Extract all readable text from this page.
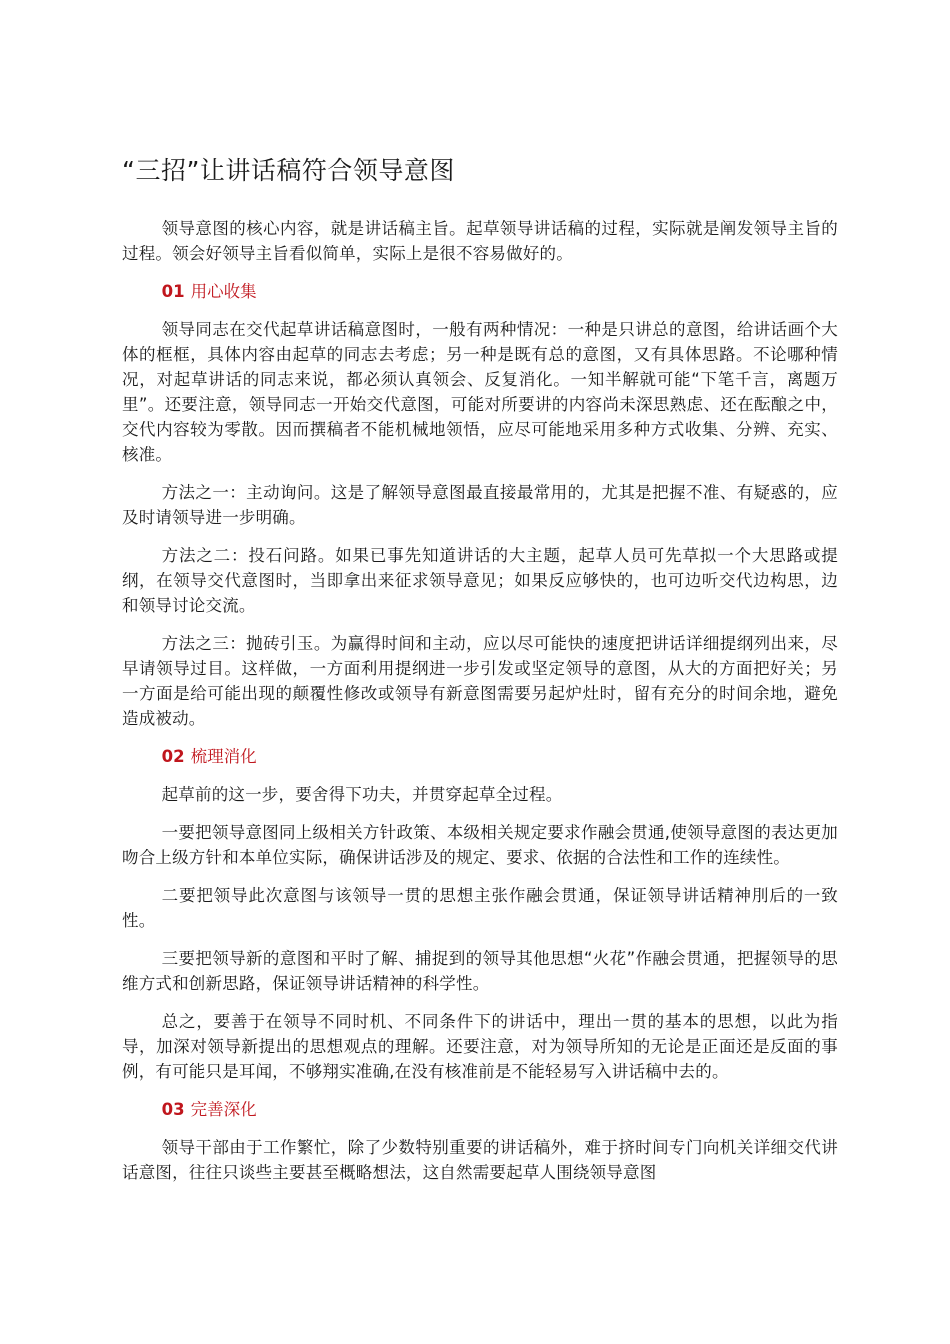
“三招”让讲话稿符合领导意图

领导意图的核心内容，就是讲话稿主旨。起草领导讲话稿的过程，实际就是阐发领导主旨的过程。领会好领导主旨看似简单，实际上是很不容易做好的。

01 用心收集

领导同志在交代起草讲话稿意图时，一般有两种情况：一种是只讲总的意图，给讲话画个大体的框框，具体内容由起草的同志去考虑；另一种是既有总的意图，又有具体思路。不论哪种情况，对起草讲话的同志来说，都必须认真领会、反复消化。一知半解就可能“下笔千言，离题万里”。还要注意，领导同志一开始交代意图，可能对所要讲的内容尚未深思熟虑、还在酝酿之中，交代内容较为零散。因而撰稿者不能机械地领悟，应尽可能地采用多种方式收集、分辨、充实、核准。

方法之一：主动询问。这是了解领导意图最直接最常用的，尤其是把握不准、有疑惑的，应及时请领导进一步明确。

方法之二：投石问路。如果已事先知道讲话的大主题，起草人员可先草拟一个大思路或提纲，在领导交代意图时，当即拿出来征求领导意见；如果反应够快的，也可边听交代边构思，边和领导讨论交流。

方法之三：抛砖引玉。为赢得时间和主动，应以尽可能快的速度把讲话详细提纲列出来，尽早请领导过目。这样做，一方面利用提纲进一步引发或坚定领导的意图，从大的方面把好关；另一方面是给可能出现的颠覆性修改或领导有新意图需要另起炉灶时，留有充分的时间余地，避免造成被动。

02 梳理消化

起草前的这一步，要舍得下功夫，并贯穿起草全过程。

一要把领导意图同上级相关方针政策、本级相关规定要求作融会贯通,使领导意图的表达更加吻合上级方针和本单位实际，确保讲话涉及的规定、要求、依据的合法性和工作的连续性。

二要把领导此次意图与该领导一贯的思想主张作融会贯通，保证领导讲话精神刖后的一致性。

三要把领导新的意图和平时了解、捕捉到的领导其他思想“火花”作融会贯通，把握领导的思维方式和创新思路，保证领导讲话精神的科学性。

总之，要善于在领导不同时机、不同条件下的讲话中，理出一贯的基本的思想，以此为指导，加深对领导新提出的思想观点的理解。还要注意，对为领导所知的无论是正面还是反面的事例，有可能只是耳闻，不够翔实准确,在没有核准前是不能轻易写入讲话稿中去的。

03 完善深化

领导干部由于工作繁忙，除了少数特别重要的讲话稿外，难于挤时间专门向机关详细交代讲话意图，往往只谈些主要甚至概略想法，这自然需要起草人围绕领导意图
